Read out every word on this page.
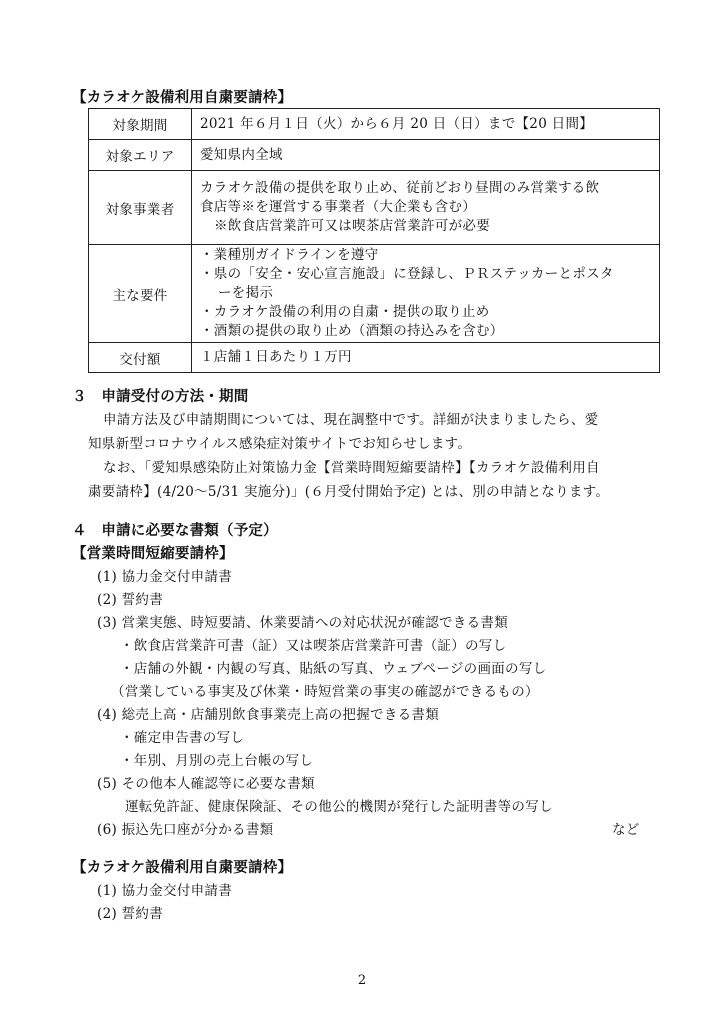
【カラオケ設備利用自粛要請枠】
対象期間	2021 年６月１日（火）から６月 20 日（日）まで【20 日間】

対象エリア	愛知県内全域

対象事業者	カラオケ設備の提供を取り止め、従前どおり昼間のみ営業する飲
食店等※を運営する事業者（大企業も含む）
※飲食店営業許可又は喫茶店営業許可が必要

主な要件	・業種別ガイドラインを遵守
・県の「安全・安心宣言施設」に登録し、ＰＲステッカーとポスタ
ーを掲示
・カラオケ設備の利用の自粛・提供の取り止め
・酒類の提供の取り止め（酒類の持込みを含む）

交付額	１店舗１日あたり１万円
３　申請受付の方法・期間
申請方法及び申請期間については、現在調整中です。詳細が決まりましたら、愛
知県新型コロナウイルス感染症対策サイトでお知らせします。
なお、「愛知県感染防止対策協力金【営業時間短縮要請枠】【カラオケ設備利用自
粛要請枠】(4/20～5/31 実施分)」(６月受付開始予定) とは、別の申請となります。
４　申請に必要な書類（予定）
【営業時間短縮要請枠】
(1) 協力金交付申請書
(2) 誓約書
(3) 営業実態、時短要請、休業要請への対応状況が確認できる書類
・飲食店営業許可書（証）又は喫茶店営業許可書（証）の写し
・店舗の外観・内観の写真、貼紙の写真、ウェブページの画面の写し
（営業している事実及び休業・時短営業の事実の確認ができるもの）
(4) 総売上高・店舗別飲食事業売上高の把握できる書類
・確定申告書の写し
・年別、月別の売上台帳の写し
(5) その他本人確認等に必要な書類
運転免許証、健康保険証、その他公的機関が発行した証明書等の写し
(6) 振込先口座が分かる書類	など
【カラオケ設備利用自粛要請枠】
(1) 協力金交付申請書
(2) 誓約書
2
